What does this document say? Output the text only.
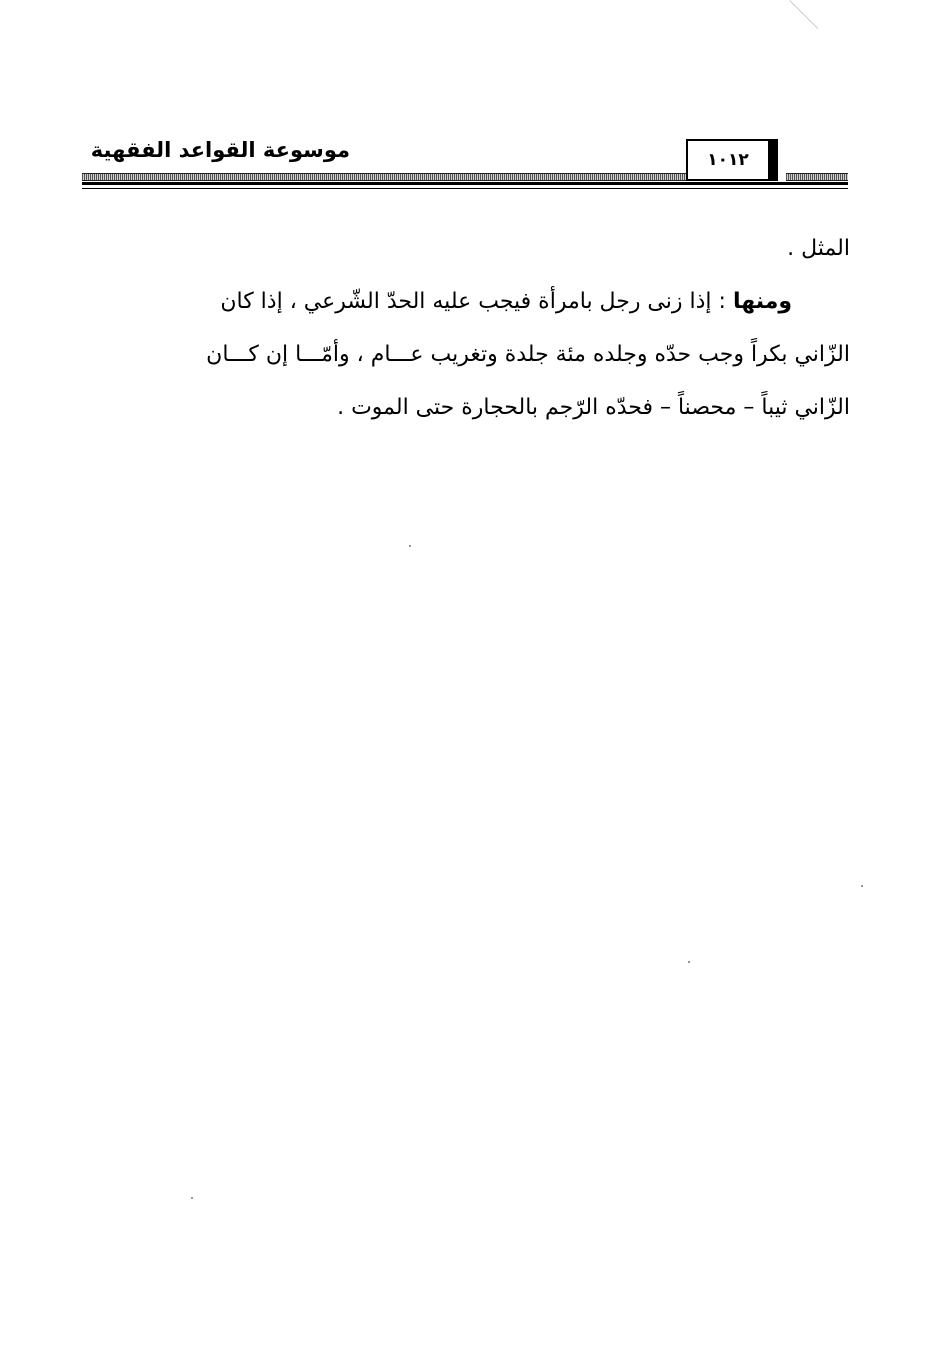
موسوعة القواعد الفقهية	١٠١٢
المثل .
ومنها : إذا زنى رجل بامرأة فيجب عليه الحدّ الشّرعي ، إذا كان
الزّاني بكراً وجب حدّه وجلده مئة جلدة وتغريب عـــام ، وأمّـــا إن كـــان
الزّاني ثيباً – محصناً – فحدّه الرّجم بالحجارة حتى الموت .
